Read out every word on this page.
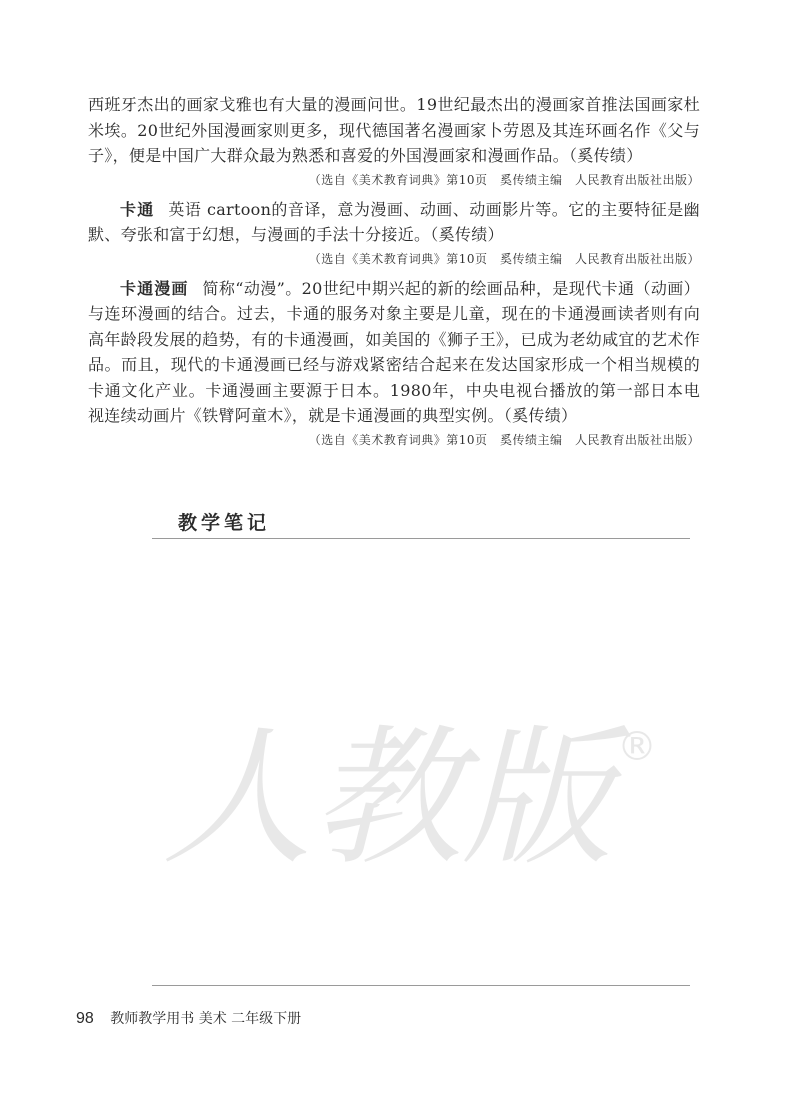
西班牙杰出的画家戈雅也有大量的漫画问世。19世纪最杰出的漫画家首推法国画家杜米埃。20世纪外国漫画家则更多，现代德国著名漫画家卜劳恩及其连环画名作《父与子》，便是中国广大群众最为熟悉和喜爱的外国漫画家和漫画作品。（奚传绩）

（选自《美术教育词典》第10页　奚传绩主编　人民教育出版社出版）

卡通 英语 cartoon的音译，意为漫画、动画、动画影片等。它的主要特征是幽默、夸张和富于幻想，与漫画的手法十分接近。（奚传绩）

（选自《美术教育词典》第10页　奚传绩主编　人民教育出版社出版）

卡通漫画 简称“动漫”。20世纪中期兴起的新的绘画品种，是现代卡通（动画）与连环漫画的结合。过去，卡通的服务对象主要是儿童，现在的卡通漫画读者则有向高年龄段发展的趋势，有的卡通漫画，如美国的《狮子王》，已成为老幼咸宜的艺术作品。而且，现代的卡通漫画已经与游戏紧密结合起来在发达国家形成一个相当规模的卡通文化产业。卡通漫画主要源于日本。1980年，中央电视台播放的第一部日本电视连续动画片《铁臂阿童木》，就是卡通漫画的典型实例。（奚传绩）

（选自《美术教育词典》第10页　奚传绩主编　人民教育出版社出版）
教学笔记
人教版 ®
98 教师教学用书 美术 二年级下册
